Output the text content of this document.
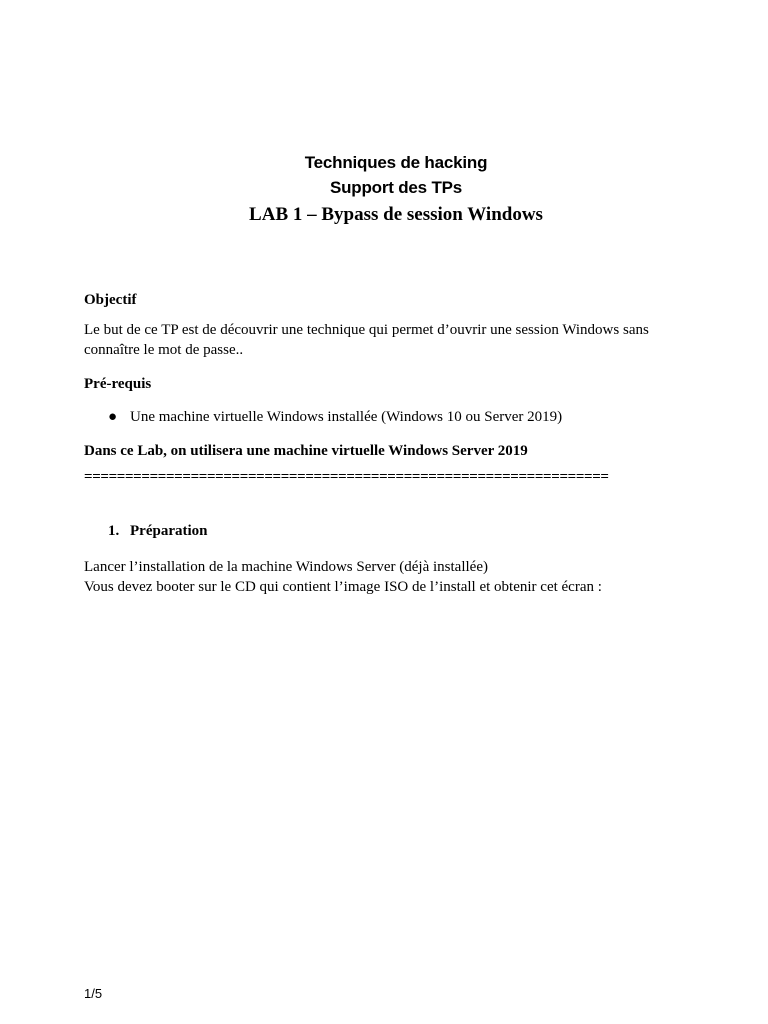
Techniques de hacking
Support des TPs
LAB 1 – Bypass de session Windows

Objectif

Le but de ce TP est de découvrir une technique qui permet d’ouvrir une session Windows sans connaître le mot de passe..

Pré-requis

● Une machine virtuelle Windows installée (Windows 10 ou Server 2019)

Dans ce Lab, on utilisera une machine virtuelle Windows Server 2019

================================================================
1. Préparation

Lancer l’installation de la machine Windows Server (déjà installée)

Vous devez booter sur le CD qui contient l’image ISO de l’install et obtenir cet écran :

1/5
